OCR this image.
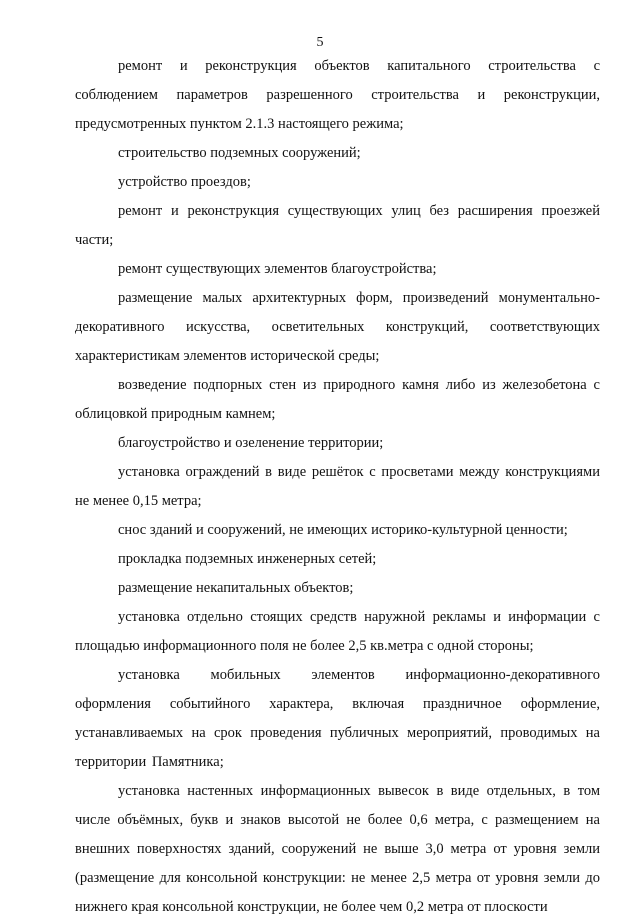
5

ремонт и реконструкция объектов капитального строительства с соблюдением параметров разрешенного строительства и реконструкции, предусмотренных пунктом 2.1.3 настоящего режима;

строительство подземных сооружений;

устройство проездов;

ремонт и реконструкция существующих улиц без расширения проезжей части;

ремонт существующих элементов благоустройства;

размещение малых архитектурных форм, произведений монументально-декоративного искусства, осветительных конструкций, соответствующих характеристикам элементов исторической среды;

возведение подпорных стен из природного камня либо из железобетона с облицовкой природным камнем;

благоустройство и озеленение территории;

установка ограждений в виде решёток с просветами между конструкциями не менее 0,15 метра;

снос зданий и сооружений, не имеющих историко-культурной ценности;

прокладка подземных инженерных сетей;

размещение некапитальных объектов;

установка отдельно стоящих средств наружной рекламы и информации с площадью информационного поля не более 2,5 кв.метра с одной стороны;

установка мобильных элементов информационно-декоративного оформления событийного характера, включая праздничное оформление, устанавливаемых на срок проведения публичных мероприятий, проводимых на территории Памятника;

установка настенных информационных вывесок в виде отдельных, в том числе объёмных, букв и знаков высотой не более 0,6 метра, с размещением на внешних поверхностях зданий, сооружений не выше 3,0 метра от уровня земли (размещение для консольной конструкции: не менее 2,5 метра от уровня земли до нижнего края консольной конструкции, не более чем 0,2 метра от плоскости
